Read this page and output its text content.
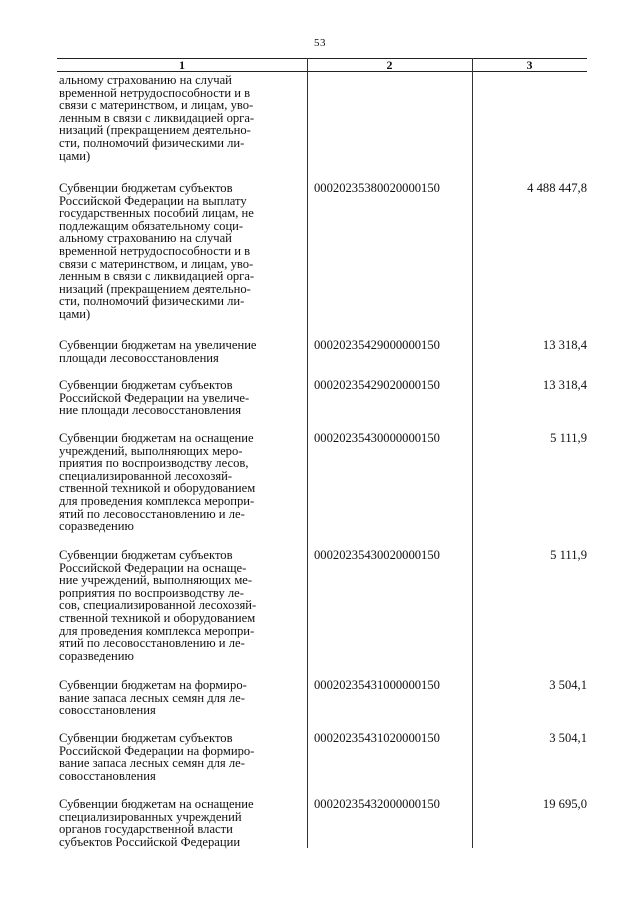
53
1	2	3
альному страхованию на случай
временной нетрудоспособности и в
связи с материнством, и лицам, уво-
ленным в связи с ликвидацией орга-
низаций (прекращением деятельно-
сти, полномочий физическими ли-
цами)
Субвенции бюджетам субъектов
Российской Федерации на выплату
государственных пособий лицам, не
подлежащим обязательному соци-
альному страхованию на случай
временной нетрудоспособности и в
связи с материнством, и лицам, уво-
ленным в связи с ликвидацией орга-
низаций (прекращением деятельно-
сти, полномочий физическими ли-
цами)
00020235380020000150	4 488 447,8
Субвенции бюджетам на увеличение
площади лесовосстановления
00020235429000000150	13 318,4
Субвенции бюджетам субъектов
Российской Федерации на увеличе-
ние площади лесовосстановления
00020235429020000150	13 318,4
Субвенции бюджетам на оснащение
учреждений, выполняющих меро-
приятия по воспроизводству лесов,
специализированной лесохозяй-
ственной техникой и оборудованием
для проведения комплекса меропри-
ятий по лесовосстановлению и ле-
соразведению
00020235430000000150	5 111,9
Субвенции бюджетам субъектов
Российской Федерации на оснаще-
ние учреждений, выполняющих ме-
роприятия по воспроизводству ле-
сов, специализированной лесохозяй-
ственной техникой и оборудованием
для проведения комплекса меропри-
ятий по лесовосстановлению и ле-
соразведению
00020235430020000150	5 111,9
Субвенции бюджетам на формиро-
вание запаса лесных семян для ле-
совосстановления
00020235431000000150	3 504,1
Субвенции бюджетам субъектов
Российской Федерации на формиро-
вание запаса лесных семян для ле-
совосстановления
00020235431020000150	3 504,1
Субвенции бюджетам на оснащение
специализированных учреждений
органов государственной власти
субъектов Российской Федерации
00020235432000000150	19 695,0
